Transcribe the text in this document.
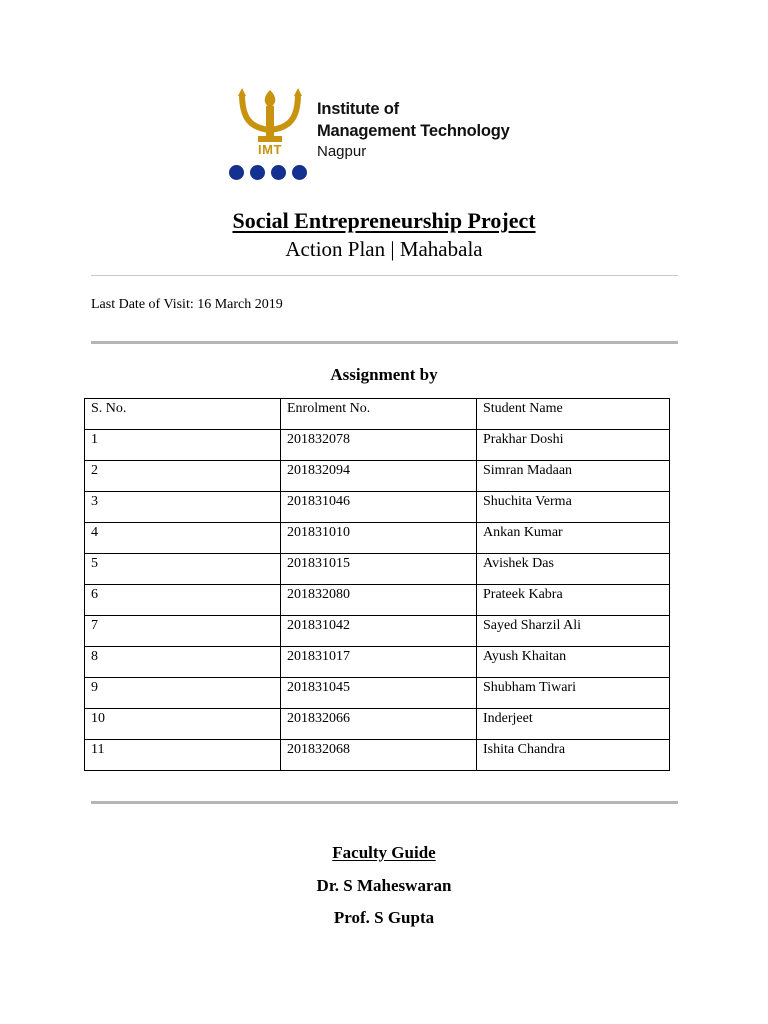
IMT
Institute of
Management Technology
Nagpur
Social Entrepreneurship Project
Action Plan | Mahabala
Last Date of Visit: 16 March 2019
Assignment by
S. No.	Enrolment No.	Student Name
1	201832078	Prakhar Doshi
2	201832094	Simran Madaan
3	201831046	Shuchita Verma
4	201831010	Ankan Kumar
5	201831015	Avishek Das
6	201832080	Prateek Kabra
7	201831042	Sayed Sharzil Ali
8	201831017	Ayush Khaitan
9	201831045	Shubham Tiwari
10	201832066	Inderjeet
11	201832068	Ishita Chandra
Faculty Guide
Dr. S Maheswaran
Prof. S Gupta
